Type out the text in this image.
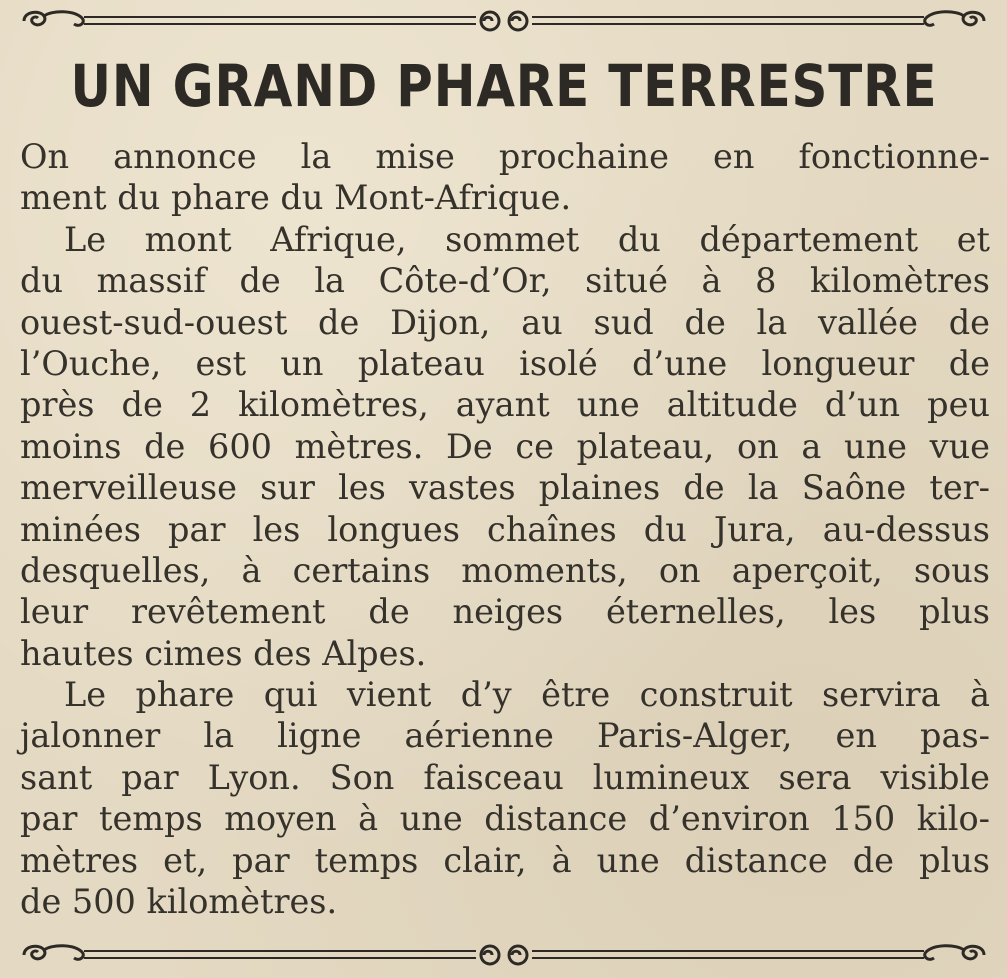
UN GRAND PHARE TERRESTRE
On annonce la mise prochaine en fonctionne-
ment du phare du Mont-Afrique.
Le mont Afrique, sommet du département et
du massif de la Côte-d’Or, situé à 8 kilomètres
ouest-sud-ouest de Dijon, au sud de la vallée de
l’Ouche, est un plateau isolé d’une longueur de
près de 2 kilomètres, ayant une altitude d’un peu
moins de 600 mètres. De ce plateau, on a une vue
merveilleuse sur les vastes plaines de la Saône ter-
minées par les longues chaînes du Jura, au-dessus
desquelles, à certains moments, on aperçoit, sous
leur revêtement de neiges éternelles, les plus
hautes cimes des Alpes.
Le phare qui vient d’y être construit servira à
jalonner la ligne aérienne Paris-Alger, en pas-
sant par Lyon. Son faisceau lumineux sera visible
par temps moyen à une distance d’environ 150 kilo-
mètres et, par temps clair, à une distance de plus
de 500 kilomètres.
